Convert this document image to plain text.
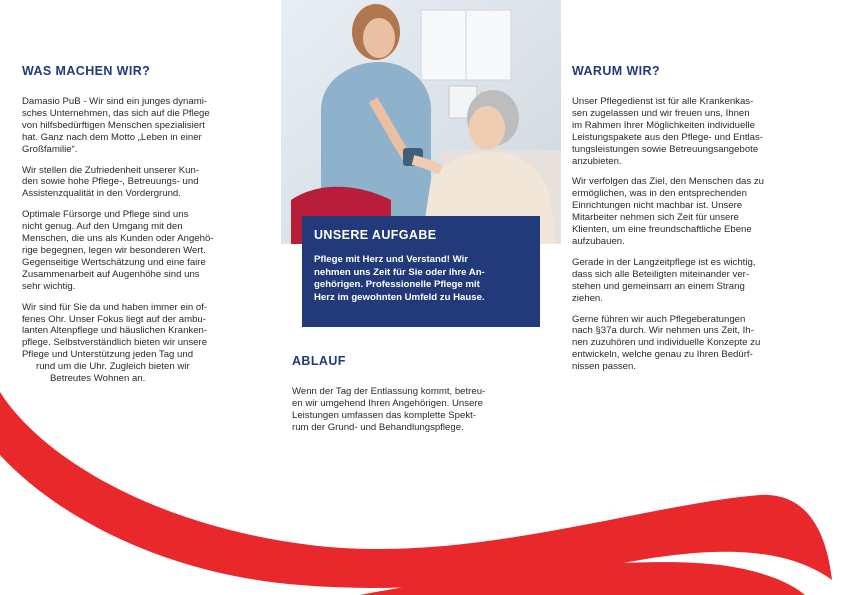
WAS MACHEN WIR?

Damasio PuB - Wir sind ein junges dynami-
sches Unternehmen, das sich auf die Pflege
von hilfsbedürftigen Menschen spezialisiert
hat. Ganz nach dem Motto „Leben in einer
Großfamilie“.

Wir stellen die Zufriedenheit unserer Kun-
den sowie hohe Pflege-, Betreuungs- und
Assistenzqualität in den Vordergrund.

Optimale Fürsorge und Pflege sind uns
nicht genug. Auf den Umgang mit den
Menschen, die uns als Kunden oder Angehö-
rige begegnen, legen wir besonderen Wert.
Gegenseitige Wertschätzung und eine faire
Zusammenarbeit auf Augenhöhe sind uns
sehr wichtig.

Wir sind für Sie da und haben immer ein of-
fenes Ohr. Unser Fokus liegt auf der ambu-
lanten Altenpflege und häuslichen Kranken-
pflege. Selbstverständlich bieten wir unsere
Pflege und Unterstützung jeden Tag und
rund um die Uhr. Zugleich bieten wir
Betreutes Wohnen an.

UNSERE AUFGABE

Pflege mit Herz und Verstand! Wir
nehmen uns Zeit für Sie oder ihre An-
gehörigen. Professionelle Pflege mit
Herz im gewohnten Umfeld zu Hause.

ABLAUF

Wenn der Tag der Entlassung kommt, betreu-
en wir umgehend Ihren Angehörigen. Unsere
Leistungen umfassen das komplette Spekt-
rum der Grund- und Behandlungspflege.

WARUM WIR?

Unser Pflegedienst ist für alle Krankenkas-
sen zugelassen und wir freuen uns, Ihnen
im Rahmen Ihrer Möglichkeiten individuelle
Leistungspakete aus den Pflege- und Entlas-
tungsleistungen sowie Betreuungsangebote
anzubieten.

Wir verfolgen das Ziel, den Menschen das zu
ermöglichen, was in den entsprechenden
Einrichtungen nicht machbar ist. Unsere
Mitarbeiter nehmen sich Zeit für unsere
Klienten, um eine freundschaftliche Ebene
aufzubauen.

Gerade in der Langzeitpflege ist es wichtig,
dass sich alle Beteiligten miteinander ver-
stehen und gemeinsam an einem Strang
ziehen.

Gerne führen wir auch Pflegeberatungen
nach §37a durch. Wir nehmen uns Zeit, Ih-
nen zuzuhören und individuelle Konzepte zu
entwickeln, welche genau zu Ihren Bedürf-
nissen passen.
